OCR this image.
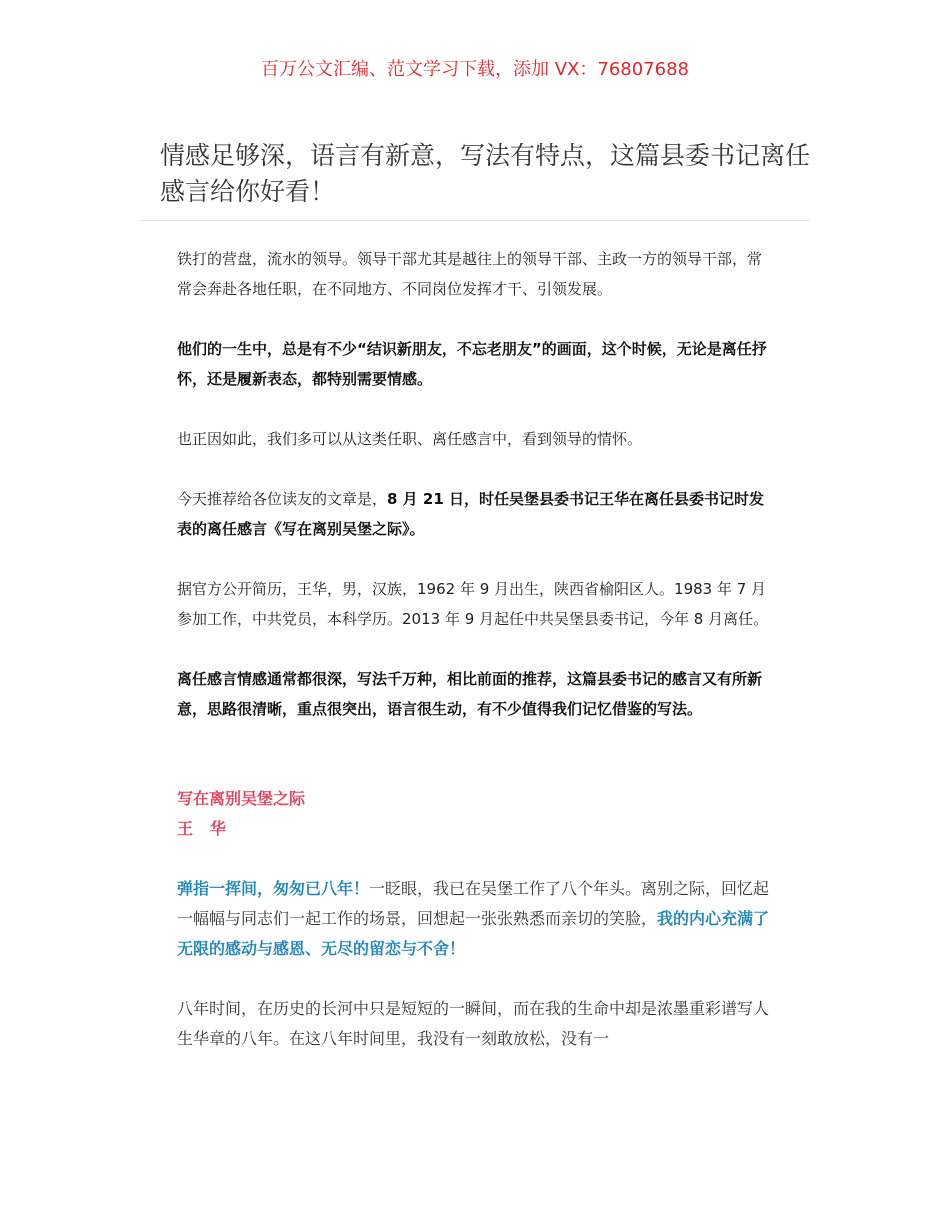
百万公文汇编、范文学习下载，添加 VX：76807688
情感足够深，语言有新意，写法有特点，这篇县委书记离任感言给你好看！

铁打的营盘，流水的领导。领导干部尤其是越往上的领导干部、主政一方的领导干部，常常会奔赴各地任职，在不同地方、不同岗位发挥才干、引领发展。

他们的一生中，总是有不少“结识新朋友，不忘老朋友”的画面，这个时候，无论是离任抒怀，还是履新表态，都特别需要情感。

也正因如此，我们多可以从这类任职、离任感言中，看到领导的情怀。

今天推荐给各位读友的文章是，8 月 21 日，时任吴堡县委书记王华在离任县委书记时发表的离任感言《写在离别吴堡之际》。

据官方公开简历，王华，男，汉族，1962 年 9 月出生，陕西省榆阳区人。1983 年 7 月参加工作，中共党员，本科学历。2013 年 9 月起任中共吴堡县委书记，今年 8 月离任。

离任感言情感通常都很深，写法千万种，相比前面的推荐，这篇县委书记的感言又有所新意，思路很清晰，重点很突出，语言很生动，有不少值得我们记忆借鉴的写法。

写在离别吴堡之际
王   华

弹指一挥间，匆匆已八年！一眨眼，我已在吴堡工作了八个年头。离别之际，回忆起一幅幅与同志们一起工作的场景，回想起一张张熟悉而亲切的笑脸，我的内心充满了无限的感动与感恩、无尽的留恋与不舍！

八年时间，在历史的长河中只是短短的一瞬间，而在我的生命中却是浓墨重彩谱写人生华章的八年。在这八年时间里，我没有一刻敢放松，没有一
